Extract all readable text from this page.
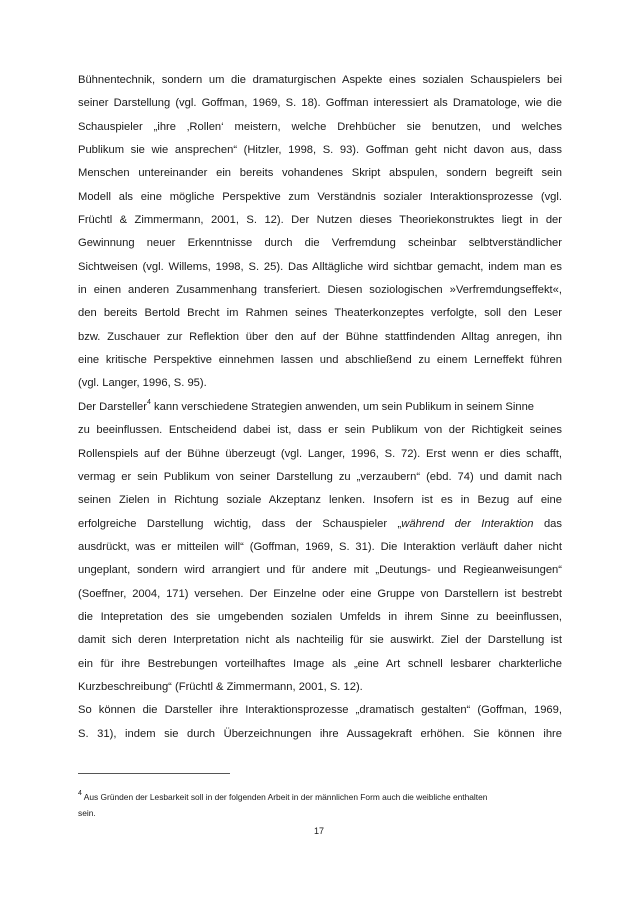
Bühnentechnik, sondern um die dramaturgischen Aspekte eines sozialen Schauspielers bei
seiner Darstellung (vgl. Goffman, 1969, S. 18). Goffman interessiert als Dramatologe, wie die
Schauspieler „ihre ‚Rollen‘ meistern, welche Drehbücher sie benutzen, und welches
Publikum sie wie ansprechen“ (Hitzler, 1998, S. 93). Goffman geht nicht davon aus, dass
Menschen untereinander ein bereits vohandenes Skript abspulen, sondern begreift sein
Modell als eine mögliche Perspektive zum Verständnis sozialer Interaktionsprozesse (vgl.
Früchtl & Zimmermann, 2001, S. 12). Der Nutzen dieses Theoriekonstruktes liegt in der
Gewinnung neuer Erkenntnisse durch die Verfremdung scheinbar selbtverständlicher
Sichtweisen (vgl. Willems, 1998, S. 25). Das Alltägliche wird sichtbar gemacht, indem man es
in einen anderen Zusammenhang transferiert. Diesen soziologischen »Verfremdungseffekt«,
den bereits Bertold Brecht im Rahmen seines Theaterkonzeptes verfolgte, soll den Leser
bzw. Zuschauer zur Reflektion über den auf der Bühne stattfindenden Alltag anregen, ihn
eine kritische Perspektive einnehmen lassen und abschließend zu einem Lerneffekt führen
(vgl. Langer, 1996, S. 95).
Der Darsteller$^4$ kann verschiedene Strategien anwenden, um sein Publikum in seinem Sinne
zu beeinflussen. Entscheidend dabei ist, dass er sein Publikum von der Richtigkeit seines
Rollenspiels auf der Bühne überzeugt (vgl. Langer, 1996, S. 72). Erst wenn er dies schafft,
vermag er sein Publikum von seiner Darstellung zu „verzaubern“ (ebd. 74) und damit nach
seinen Zielen in Richtung soziale Akzeptanz lenken. Insofern ist es in Bezug auf eine
erfolgreiche Darstellung wichtig, dass der Schauspieler „während der Interaktion das
ausdrückt, was er mitteilen will“ (Goffman, 1969, S. 31). Die Interaktion verläuft daher nicht
ungeplant, sondern wird arrangiert und für andere mit „Deutungs- und Regieanweisungen“
(Soeffner, 2004, 171) versehen. Der Einzelne oder eine Gruppe von Darstellern ist bestrebt
die Intepretation des sie umgebenden sozialen Umfelds in ihrem Sinne zu beeinflussen,
damit sich deren Interpretation nicht als nachteilig für sie auswirkt. Ziel der Darstellung ist
ein für ihre Bestrebungen vorteilhaftes Image als „eine Art schnell lesbarer charkterliche
Kurzbeschreibung“ (Früchtl & Zimmermann, 2001, S. 12).
So können die Darsteller ihre Interaktionsprozesse „dramatisch gestalten“ (Goffman, 1969,
S. 31), indem sie durch Überzeichnungen ihre Aussagekraft erhöhen. Sie können ihre
$^4$ Aus Gründen der Lesbarkeit soll in der folgenden Arbeit in der männlichen Form auch die weibliche enthalten
sein.
17
